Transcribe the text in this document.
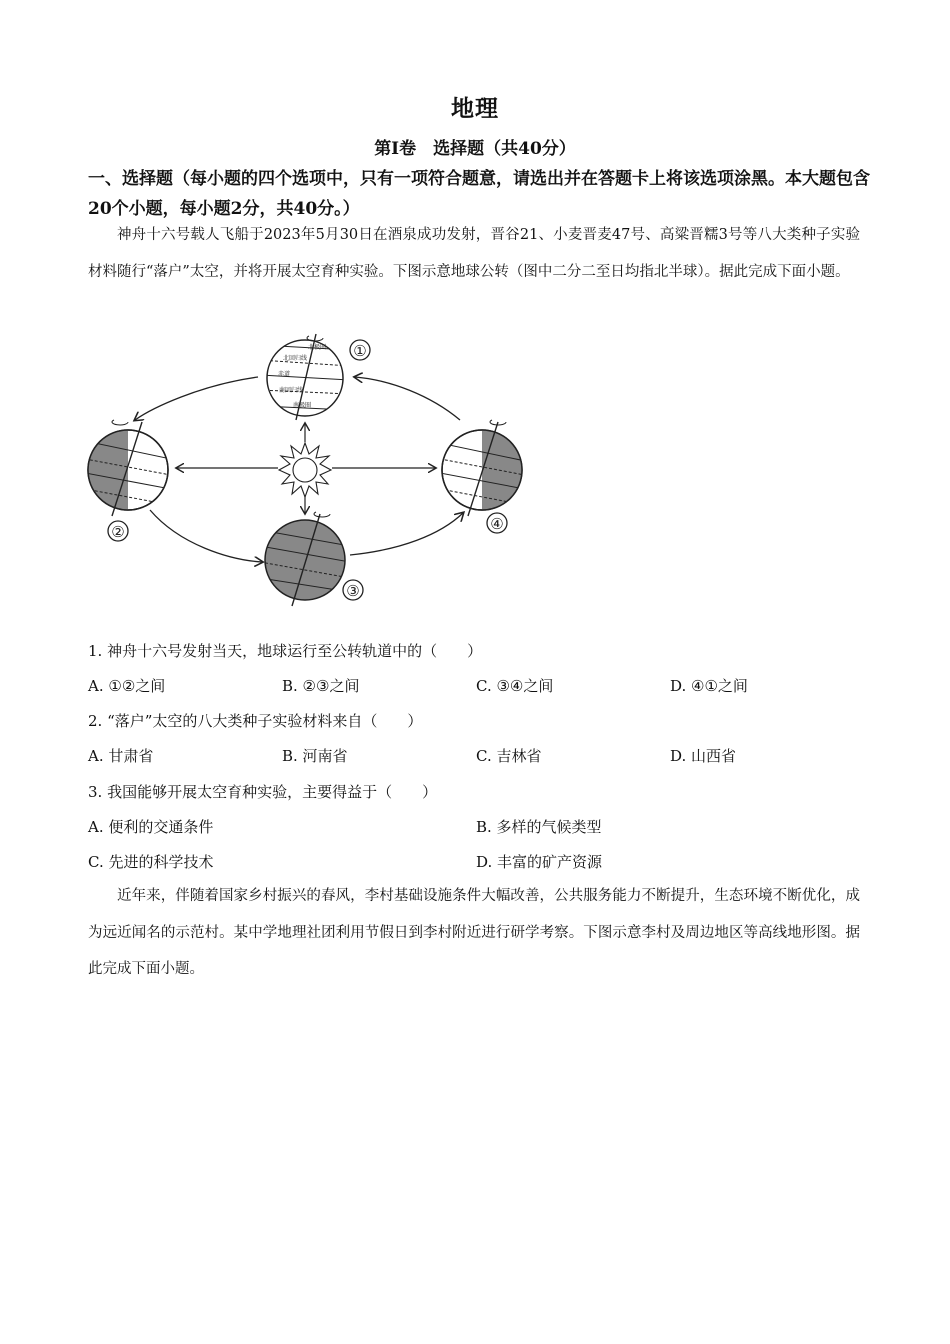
地理
第Ⅰ卷　选择题（共40分）
一、选择题（每小题的四个选项中，只有一项符合题意，请选出并在答题卡上将该选项涂黑。本大题包含20个小题，每小题2分，共40分。）
神舟十六号载人飞船于2023年5月30日在酒泉成功发射，晋谷21、小麦晋麦47号、高粱晋糯3号等八大类种子实验材料随行“落户”太空，并将开展太空育种实验。下图示意地球公转（图中二分二至日均指北半球）。据此完成下面小题。
北极圈
北回归线
赤道
南回归线
南极圈
①
②
③
④
1. 神舟十六号发射当天，地球运行至公转轨道中的（　　）
A. ①②之间	B. ②③之间	C. ③④之间	D. ④①之间
2. “落户”太空的八大类种子实验材料来自（　　）
A. 甘肃省	B. 河南省	C. 吉林省	D. 山西省
3. 我国能够开展太空育种实验，主要得益于（　　）
A. 便利的交通条件	B. 多样的气候类型
C. 先进的科学技术	D. 丰富的矿产资源
近年来，伴随着国家乡村振兴的春风，李村基础设施条件大幅改善，公共服务能力不断提升，生态环境不断优化，成为远近闻名的示范村。某中学地理社团利用节假日到李村附近进行研学考察。下图示意李村及周边地区等高线地形图。据此完成下面小题。
